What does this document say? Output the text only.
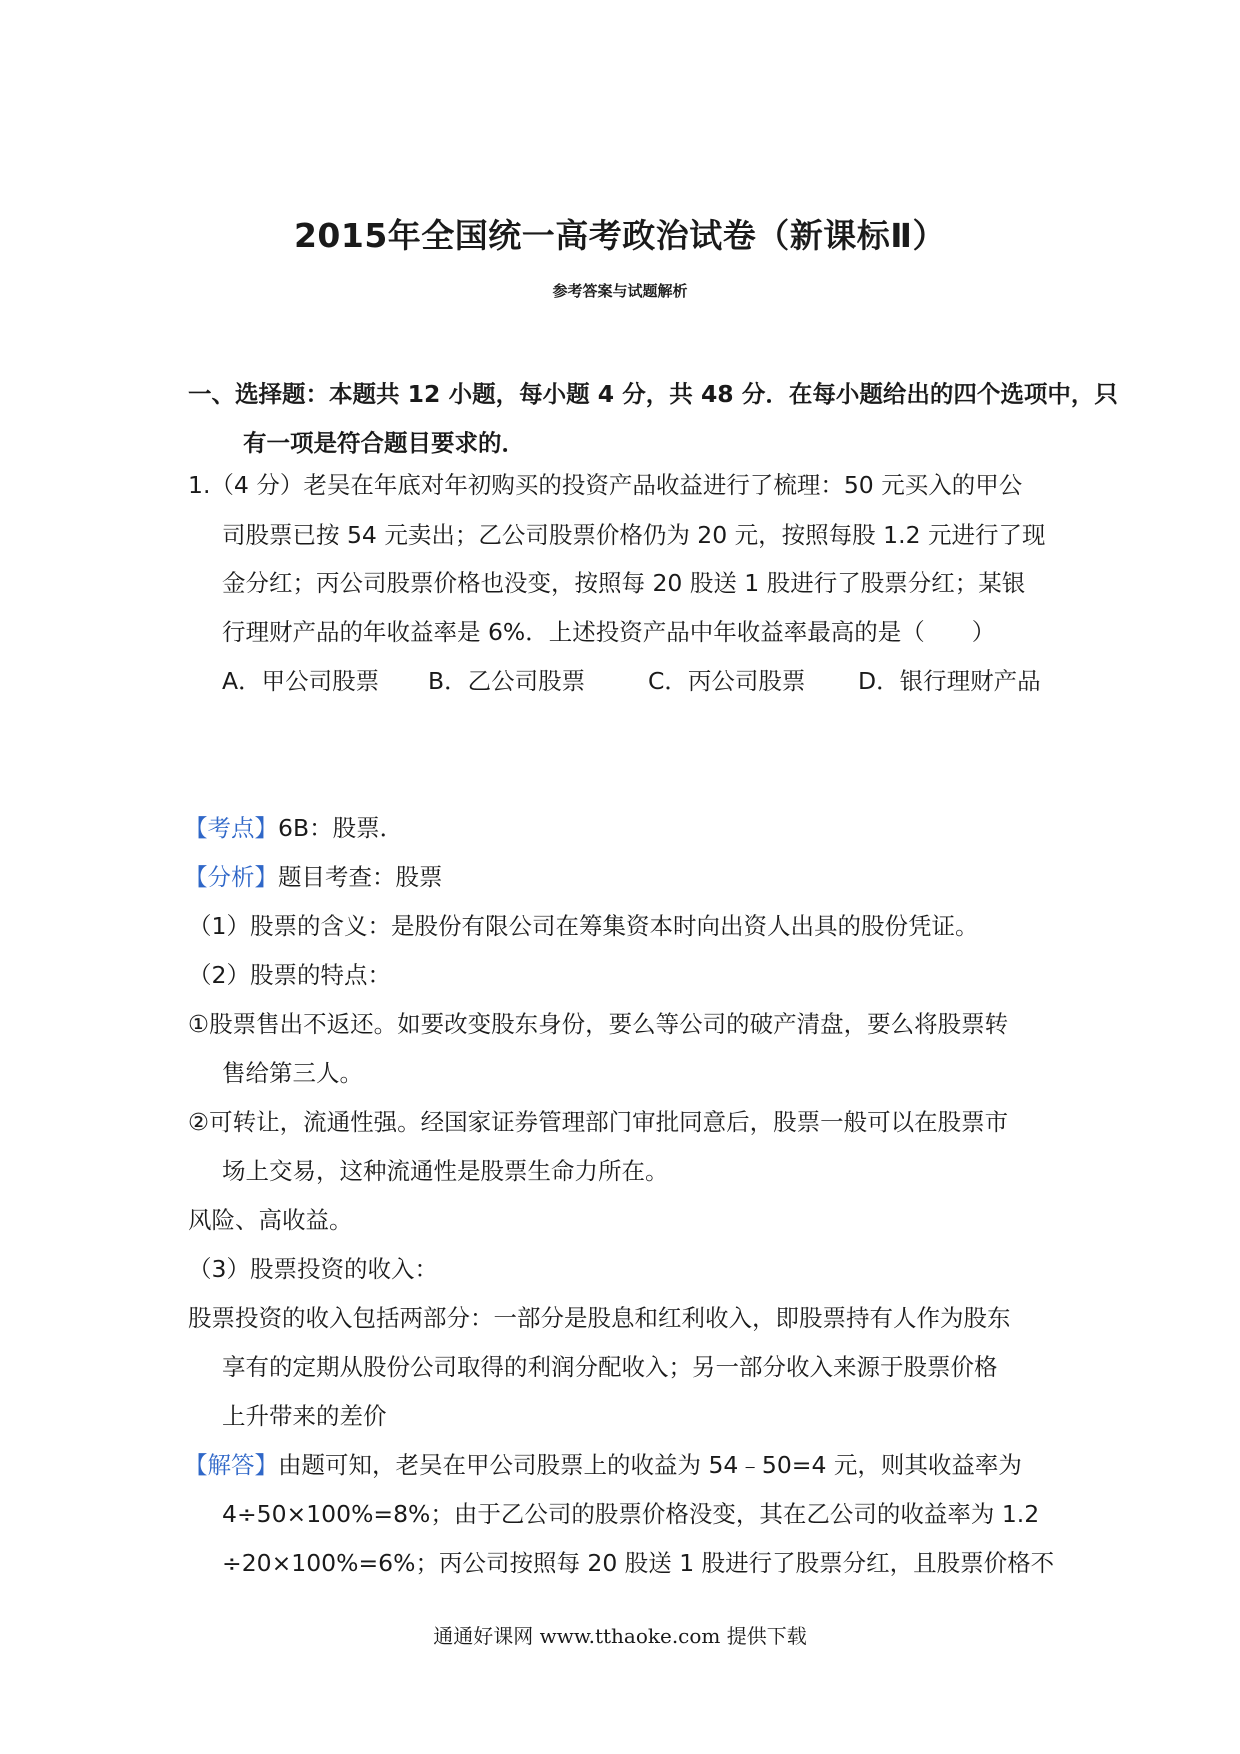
2015年全国统一高考政治试卷（新课标Ⅱ）
参考答案与试题解析
一、选择题：本题共 12 小题，每小题 4 分，共 48 分．在每小题给出的四个选项中，只有一项是符合题目要求的．
1.（4 分）老吴在年底对年初购买的投资产品收益进行了梳理：50 元买入的甲公
司股票已按 54 元卖出；乙公司股票价格仍为 20 元，按照每股 1.2 元进行了现
金分红；丙公司股票价格也没变，按照每 20 股送 1 股进行了股票分红；某银
行理财产品的年收益率是 6%．上述投资产品中年收益率最高的是（　　）
A．甲公司股票 B．乙公司股票	C．丙公司股票 D．银行理财产品
【考点】6B：股票．
【分析】题目考查：股票
（1）股票的含义：是股份有限公司在筹集资本时向出资人出具的股份凭证。
（2）股票的特点：
①股票售出不返还。如要改变股东身份，要么等公司的破产清盘，要么将股票转
售给第三人。
②可转让，流通性强。经国家证券管理部门审批同意后，股票一般可以在股票市
场上交易，这种流通性是股票生命力所在。
风险、高收益。
（3）股票投资的收入：
股票投资的收入包括两部分：一部分是股息和红利收入，即股票持有人作为股东
享有的定期从股份公司取得的利润分配收入；另一部分收入来源于股票价格
上升带来的差价
【解答】由题可知，老吴在甲公司股票上的收益为 54﹣50=4 元，则其收益率为
4÷50×100%=8%；由于乙公司的股票价格没变，其在乙公司的收益率为 1.2
÷20×100%=6%；丙公司按照每 20 股送 1 股进行了股票分红，且股票价格不
通通好课网 www.tthaoke.com 提供下载
